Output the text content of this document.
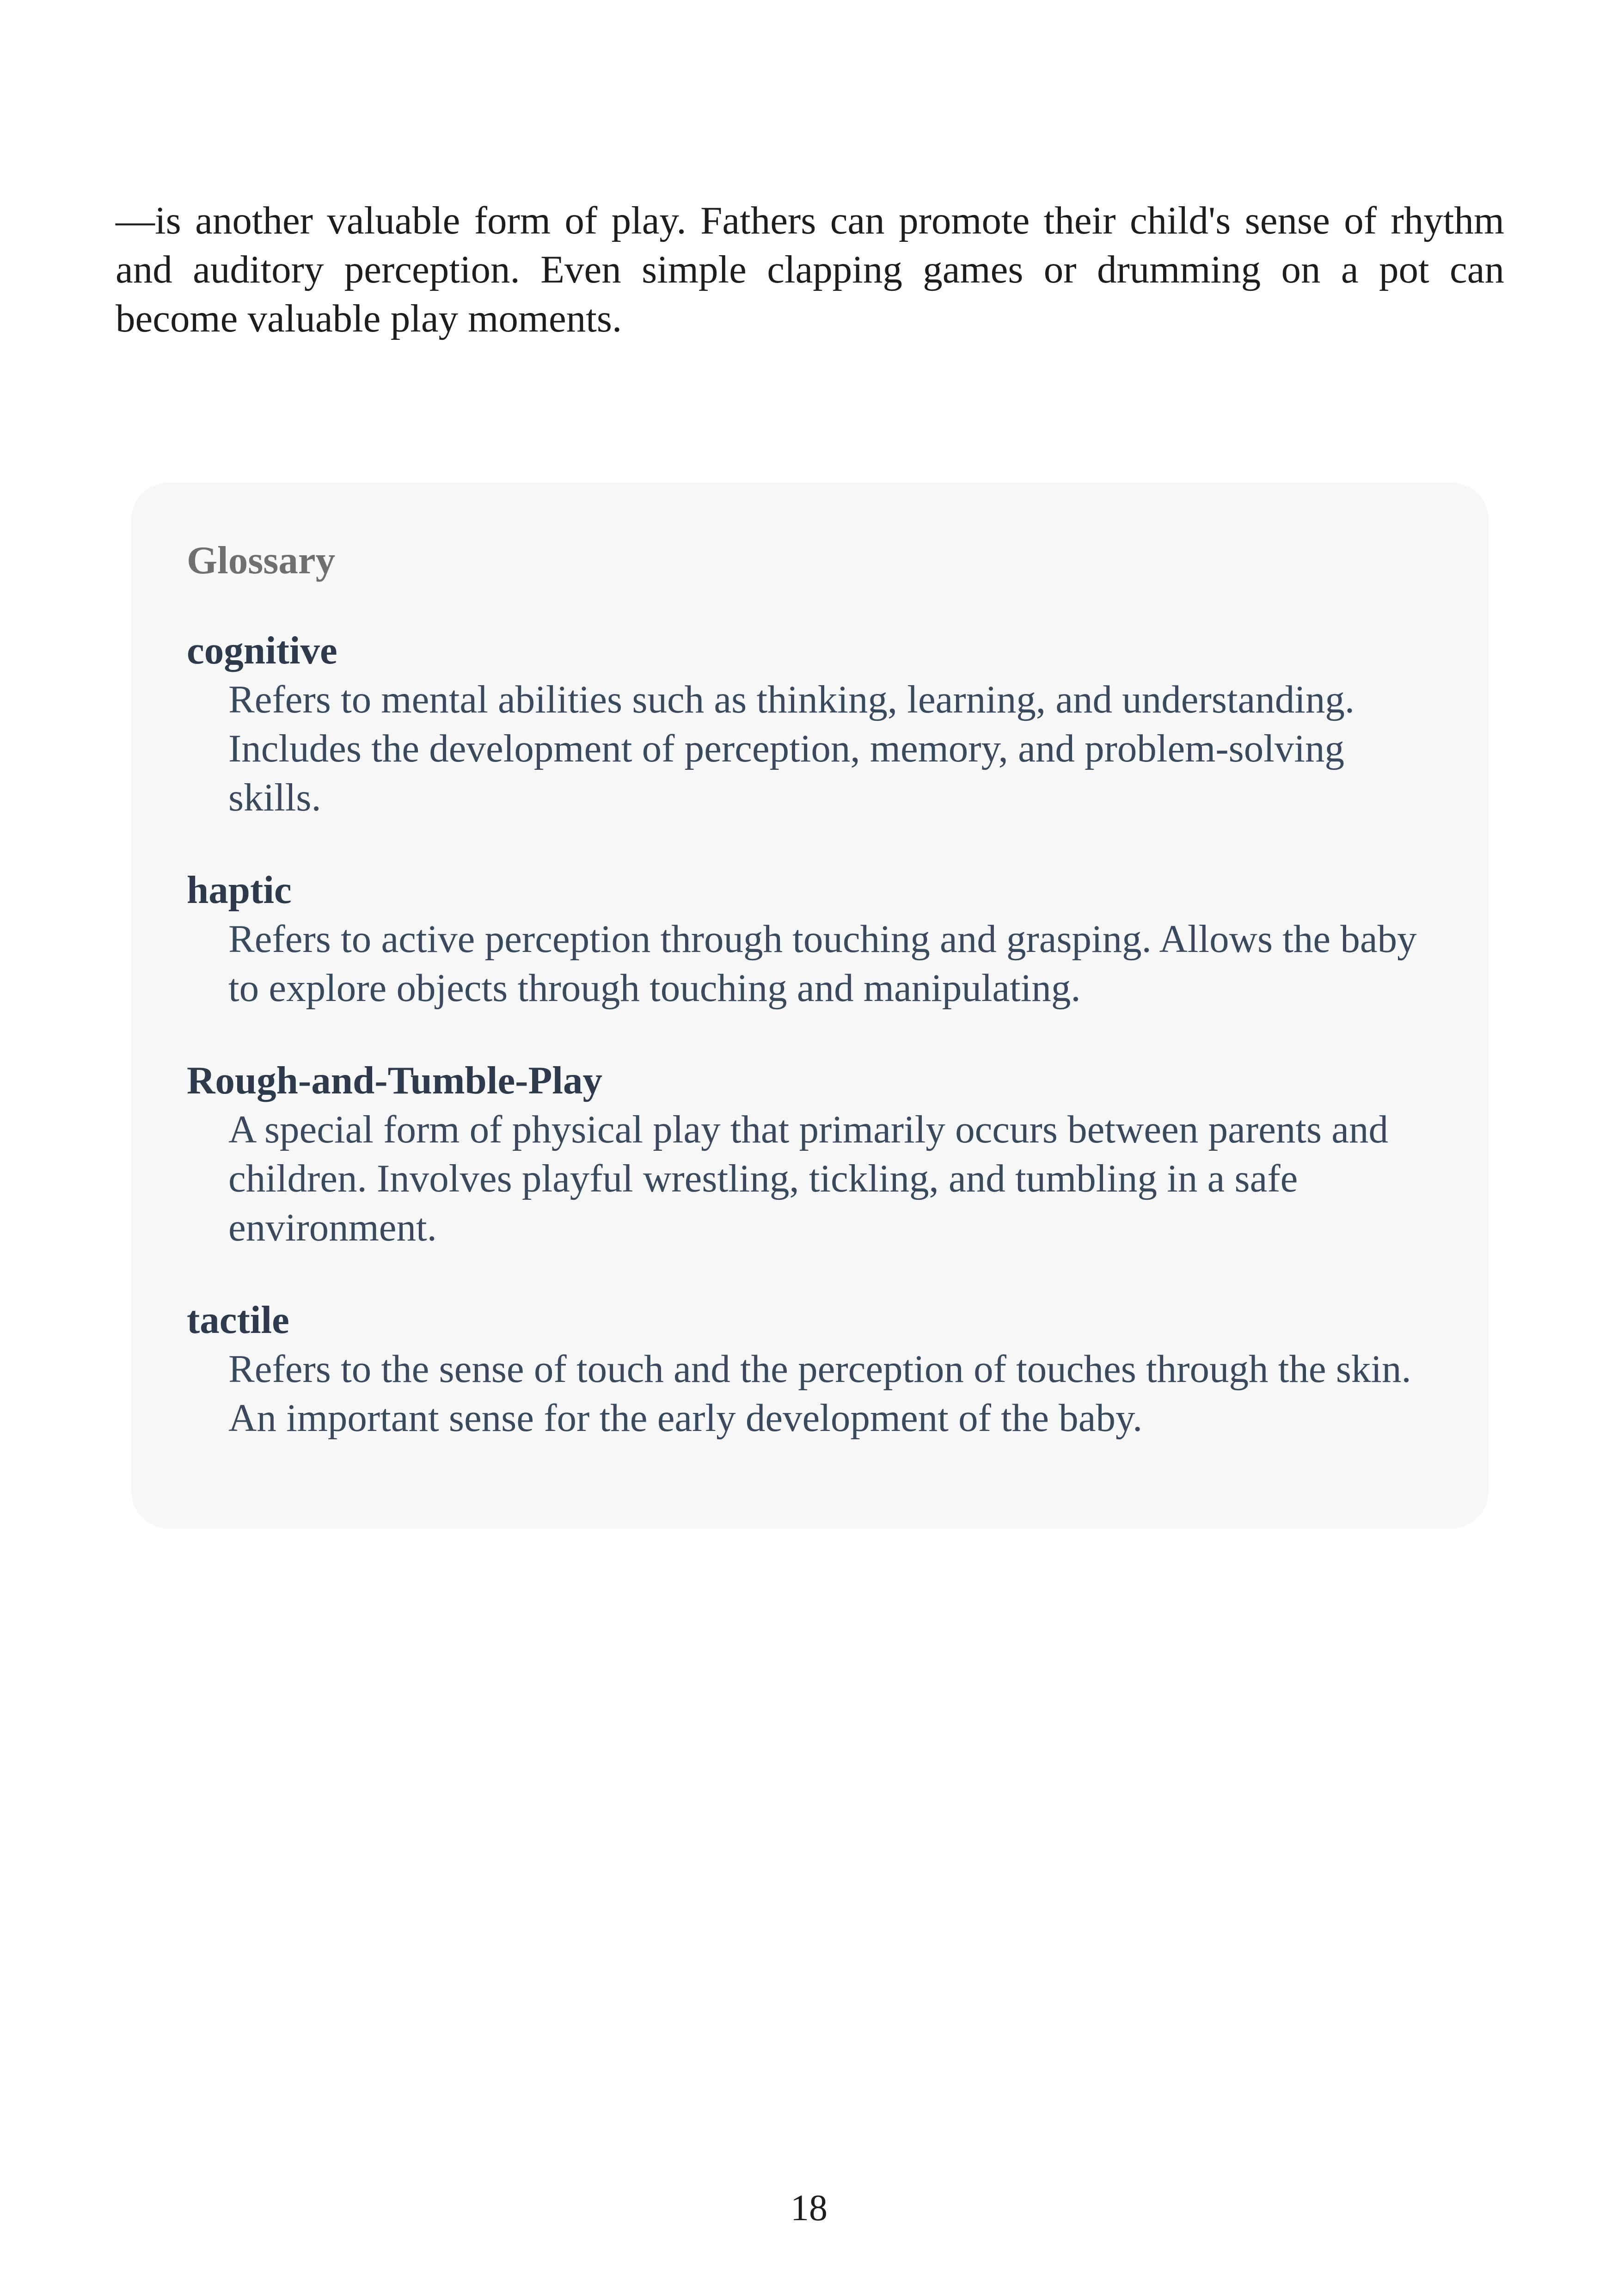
—is another valuable form of play. Fathers can promote their child's sense of rhythm and auditory perception. Even simple clapping games or drumming on a pot can become valuable play moments.

Glossary
cognitive
Refers to mental abilities such as thinking, learning, and understanding. Includes the development of perception, memory, and problem-solving skills.
haptic
Refers to active perception through touching and grasping. Allows the baby to explore objects through touching and manipulating.
Rough-and-Tumble-Play
A special form of physical play that primarily occurs between parents and children. Involves playful wrestling, tickling, and tumbling in a safe environment.
tactile
Refers to the sense of touch and the perception of touches through the skin. An important sense for the early development of the baby.
18
